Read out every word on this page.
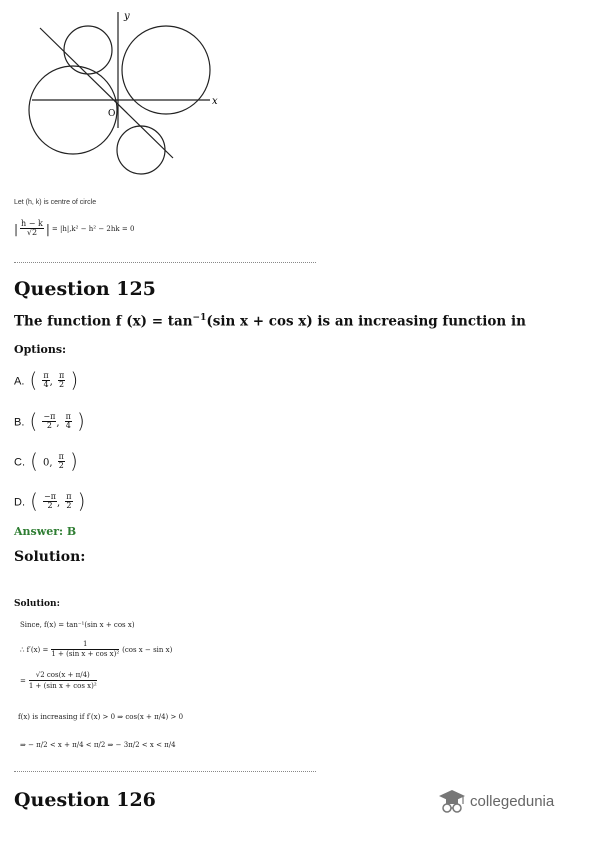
y
x
O
Let (h, k) is centre of circle
| $\frac{h - k}{√2}$ | = |h|,k² − h² − 2hk = 0
Question 125
The function f $(x) = \tan^{-1}(\sin$ x + cos x) is an increasing function in
Options:
A. ( $\frac{\pi}{4}$ , $\frac{\pi}{2}$ )
B. ( $\frac{-\pi}{2}$ , $\frac{\pi}{4}$ )
C. ( 0, $\frac{\pi}{2}$ )
D. ( $\frac{-\pi}{2}$ , $\frac{\pi}{2}$ )
Answer: B
Solution:
Solution:
Since, f(x) = tan⁻¹(sin x + cos x)
∴ $f'(x) = \frac{1}{\text{1 + (sin x + cos x)²}} (\cos$ x − sin x)
= $\frac{√2 \cos(x + \pi/4)}{\text{1 + (sin x + cos x)²}}$
f(x) is increasing if f′(x) > 0 ⇒ cos(x + π/4) > 0
⇒ − π/2 < x + π/4 < π/2 ⇒ − 3π/2 < x < π/4
Question 126	collegedunia
